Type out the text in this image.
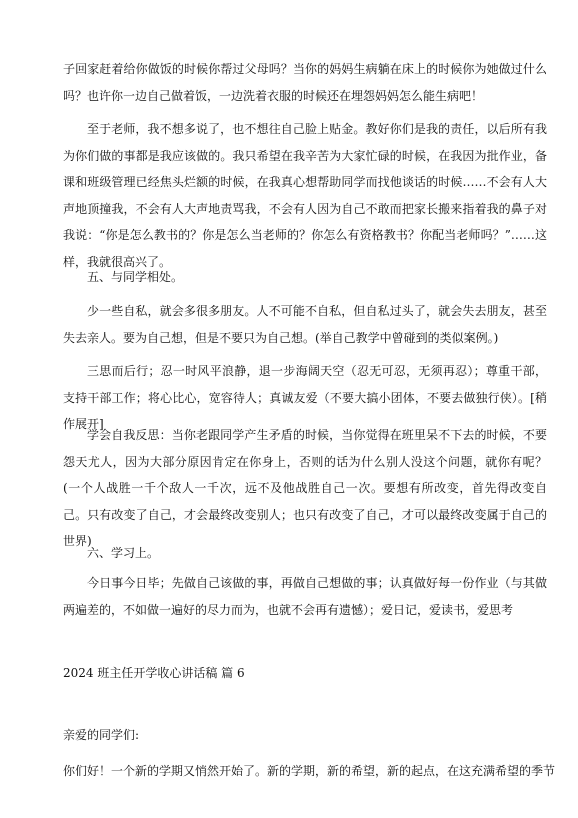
子回家赶着给你做饭的时候你帮过父母吗？当你的妈妈生病躺在床上的时候你为她做过什么吗？也许你一边自己做着饭，一边洗着衣服的时候还在埋怨妈妈怎么能生病吧！

至于老师，我不想多说了，也不想往自己脸上贴金。教好你们是我的责任，以后所有我为你们做的事都是我应该做的。我只希望在我辛苦为大家忙碌的时候，在我因为批作业，备课和班级管理已经焦头烂额的时候，在我真心想帮助同学而找他谈话的时候……不会有人大声地顶撞我，不会有人大声地责骂我，不会有人因为自己不敢而把家长搬来指着我的鼻子对我说：“你是怎么教书的？你是怎么当老师的？你怎么有资格教书？你配当老师吗？”……这样，我就很高兴了。

五、与同学相处。

少一些自私，就会多很多朋友。人不可能不自私，但自私过头了，就会失去朋友，甚至失去亲人。要为自己想，但是不要只为自己想。(举自己教学中曾碰到的类似案例。)

三思而后行；忍一时风平浪静，退一步海阔天空（忍无可忍，无须再忍）；尊重干部，支持干部工作；将心比心，宽容待人；真诚友爱（不要大搞小团体，不要去做独行侠）。[稍作展开]

学会自我反思：当你老跟同学产生矛盾的时候，当你觉得在班里呆不下去的时候，不要怨天尤人，因为大部分原因肯定在你身上，否则的话为什么别人没这个问题，就你有呢？ (一个人战胜一千个敌人一千次，远不及他战胜自己一次。要想有所改变，首先得改变自己。只有改变了自己，才会最终改变别人；也只有改变了自己，才可以最终改变属于自己的世界)

六、学习上。

今日事今日毕；先做自己该做的事，再做自己想做的事；认真做好每一份作业（与其做两遍差的，不如做一遍好的尽力而为，也就不会再有遗憾）；爱日记，爱读书，爱思考

2024 班主任开学收心讲话稿 篇 6

亲爱的同学们:

你们好！一个新的学期又悄然开始了。新的学期，新的希望，新的起点，在这充满希望的季节
